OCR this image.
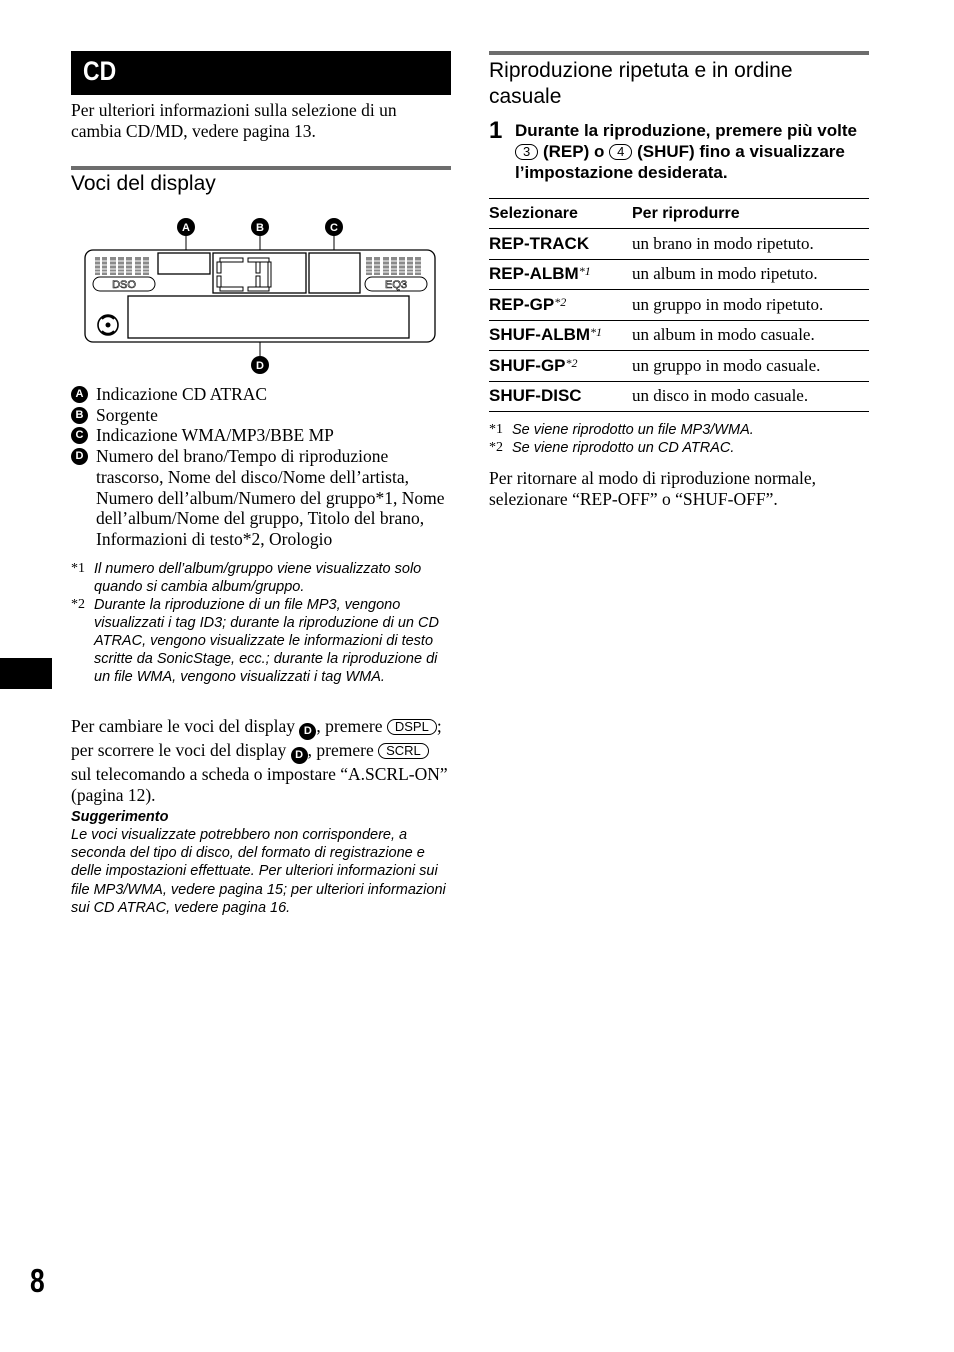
CD
Per ulteriori informazioni sulla selezione di un cambia CD/MD, vedere pagina 13.
Voci del display
DSO	EQ3
A	B	C
D
A Indicazione CD ATRAC
B Sorgente
C Indicazione WMA/MP3/BBE MP
D Numero del brano/Tempo di riproduzione trascorso, Nome del disco/Nome dell’artista, Numero dell’album/Numero del gruppo*1, Nome dell’album/Nome del gruppo, Titolo del brano, Informazioni di testo*2, Orologio
*1 Il numero dell’album/gruppo viene visualizzato solo quando si cambia album/gruppo.
*2 Durante la riproduzione di un file MP3, vengono visualizzati i tag ID3; durante la riproduzione di un CD ATRAC, vengono visualizzate le informazioni di testo scritte da SonicStage, ecc.; durante la riproduzione di un file WMA, vengono visualizzati i tag WMA.
Per cambiare le voci del display D , premere DSPL ; per scorrere le voci del display D , premere SCRL sul telecomando a scheda o impostare “A.SCRL-ON” (pagina 12).
Suggerimento
Le voci visualizzate potrebbero non corrispondere, a seconda del tipo di disco, del formato di registrazione e delle impostazioni effettuate. Per ulteriori informazioni sui file MP3/WMA, vedere pagina 15; per ulteriori informazioni sui CD ATRAC, vedere pagina 16.
8
Riproduzione ripetuta e in ordine casuale
1 Durante la riproduzione, premere più volte 3 (REP) o 4 (SHUF) fino a visualizzare l’impostazione desiderata.
Selezionare	Per riprodurre
REP-TRACK	un brano in modo ripetuto.
REP-ALBM$^{*1}$	un album in modo ripetuto.
REP-GP$^{*2}$	un gruppo in modo ripetuto.
SHUF-ALBM$^{*1}$	un album in modo casuale.
SHUF-GP$^{*2}$	un gruppo in modo casuale.
SHUF-DISC	un disco in modo casuale.
*1 Se viene riprodotto un file MP3/WMA.
*2 Se viene riprodotto un CD ATRAC.
Per ritornare al modo di riproduzione normale, selezionare “REP-OFF” o “SHUF-OFF”.
